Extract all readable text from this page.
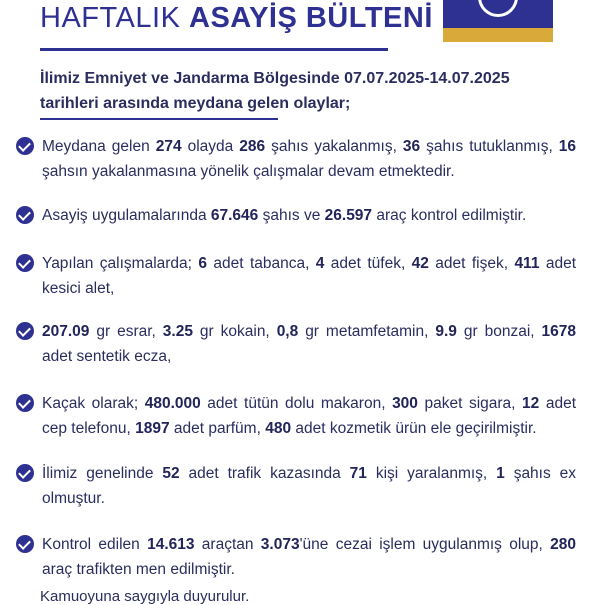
HAFTALIK ASAYİŞ BÜLTENİ
İlimiz Emniyet ve Jandarma Bölgesinde 07.07.2025-14.07.2025 tarihleri arasında meydana gelen olaylar;
Meydana gelen 274 olayda 286 şahıs yakalanmış, 36 şahıs tutuklanmış, 16 şahsın yakalanmasına yönelik çalışmalar devam etmektedir.
Asayiş uygulamalarında 67.646 şahıs ve 26.597 araç kontrol edilmiştir.
Yapılan çalışmalarda; 6 adet tabanca, 4 adet tüfek, 42 adet fişek, 411 adet kesici alet,
207.09 gr esrar, 3.25 gr kokain, 0,8 gr metamfetamin, 9.9 gr bonzai, 1678 adet sentetik ecza,
Kaçak olarak; 480.000 adet tütün dolu makaron, 300 paket sigara, 12 adet cep telefonu, 1897 adet parfüm, 480 adet kozmetik ürün ele geçirilmiştir.
İlimiz genelinde 52 adet trafik kazasında 71 kişi yaralanmış, 1 şahıs ex olmuştur.
Kontrol edilen 14.613 araçtan 3.073'üne cezai işlem uygulanmış olup, 280 araç trafikten men edilmiştir.
Kamuoyuna saygıyla duyurulur.
